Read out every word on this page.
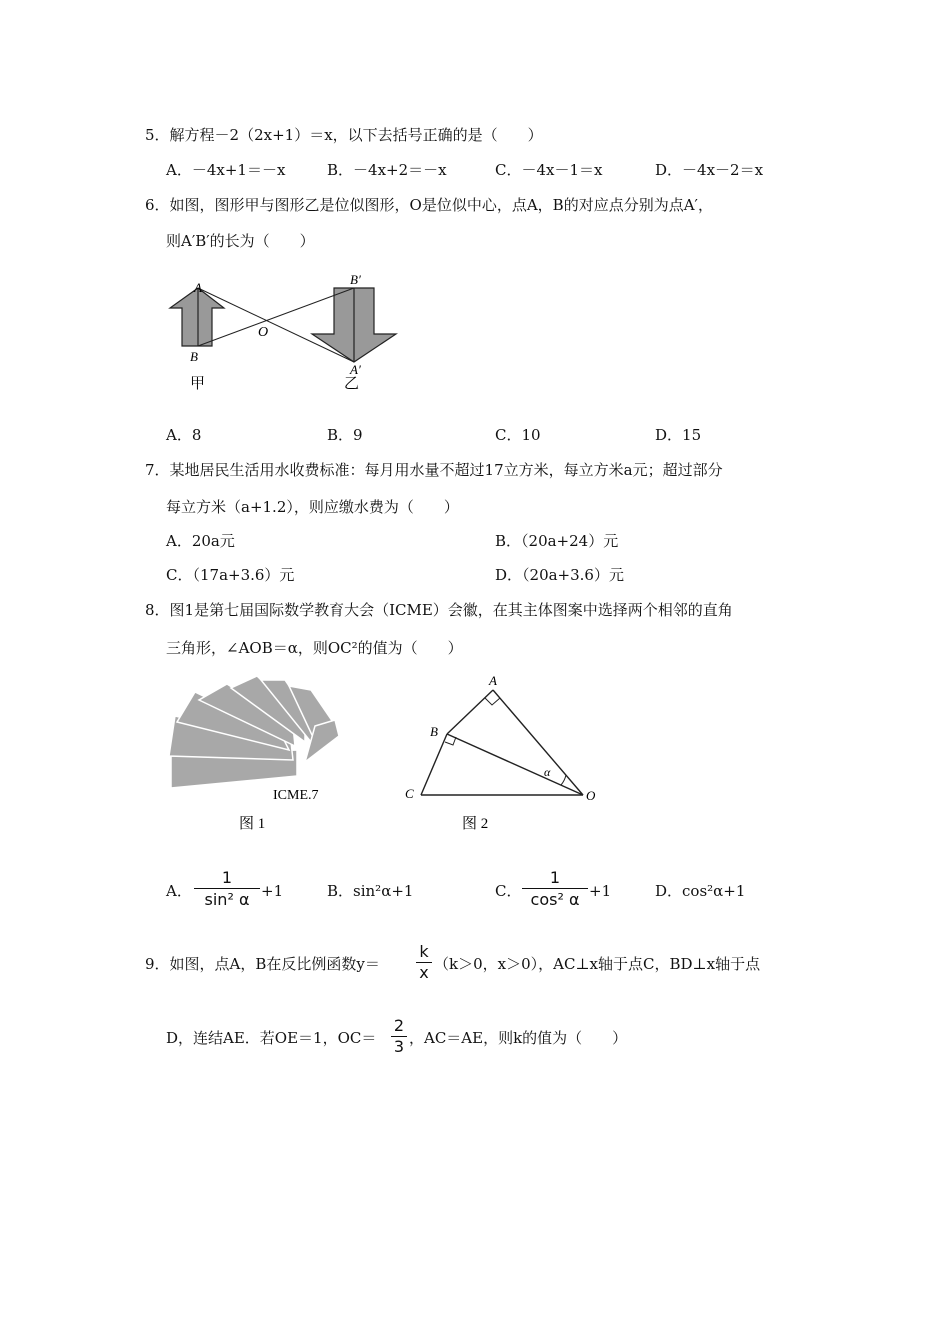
5．解方程－2（2x+1）＝x，以下去括号正确的是（　　）
A．－4x+1＝－x	B．－4x+2＝－x	C．－4x－1＝x	D．－4x－2＝x
6．如图，图形甲与图形乙是位似图形，O是位似中心，点A，B的对应点分别为点A′，
则A′B′的长为（　　）
A
B
O
B′
A′
甲	乙
A．8	B．9	C．10	D．15
7．某地居民生活用水收费标准：每月用水量不超过17立方米，每立方米a元；超过部分
每立方米（a+1.2），则应缴水费为（　　）
A．20a元	B．（20a+24）元
C．（17a+3.6）元	D．（20a+3.6）元
8．图1是第七届国际数学教育大会（ICME）会徽，在其主体图案中选择两个相邻的直角
三角形，∠AOB＝α，则OC²的值为（　　）
ICME.7
图 1
A
B
C	O
α
图 2
A． $\frac{1}{\text{sin² α}} +1$	B．sin²α+1	C． $\frac{1}{\text{cos² α}} +1$	D．cos²α+1
9．如图，点A，B在反比例函数$y= \frac{k}{x} (k>0$，x＞0），AC⊥x轴于点C，BD⊥x轴于点
D，连结AE．若OE＝1，$OC= \frac{2}{3}$ ，AC＝AE，则k的值为（　　）
